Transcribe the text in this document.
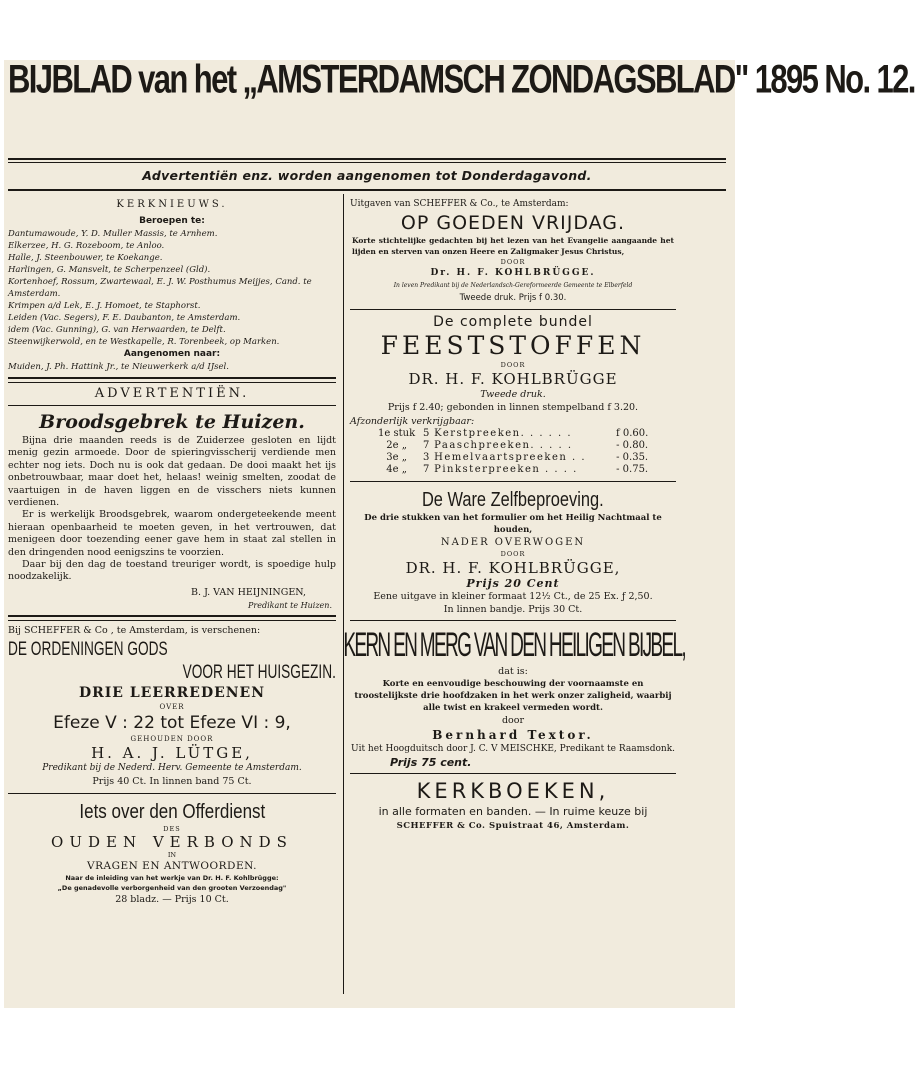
BIJBLAD van het „AMSTERDAMSCH ZONDAGSBLAD" 1895 No. 12.
Advertentiën enz. worden aangenomen tot Donderdagavond.
KERKNIEUWS.
Beroepen te:
Dantumawoude, Y. D. Muller Massis, te Arnhem.
Elkerzee, H. G. Rozeboom, te Anloo.
Halle, J. Steenbouwer, te Koekange.
Harlingen, G. Mansvelt, te Scherpenzeel (Gld).
Kortenhoef, Rossum, Zwartewaal, E. J. W. Posthumus Meijjes, Cand. te Amsterdam.
Krimpen a/d Lek, E. J. Homoet, te Staphorst.
Leiden (Vac. Segers), F. E. Daubanton, te Amsterdam.
idem (Vac. Gunning), G. van Herwaarden, te Delft.
Steenwijkerwold, en te Westkapelle, R. Torenbeek, op Marken.
Aangenomen naar:
Muiden, J. Ph. Hattink Jr., te Nieuwerkerk a/d IJsel.
ADVERTENTIËN.
Broodsgebrek te Huizen.
Bijna drie maanden reeds is de Zuiderzee gesloten en lijdt menig gezin armoede. Door de spieringvisscherij verdiende men echter nog iets. Doch nu is ook dat gedaan. De dooi maakt het ijs onbetrouwbaar, maar doet het, helaas! weinig smelten, zoodat de vaartuigen in de haven liggen en de visschers niets kunnen verdienen.
Er is werkelijk Broodsgebrek, waarom ondergeteekende meent hieraan openbaarheid te moeten geven, in het vertrouwen, dat menigeen door toezending eener gave hem in staat zal stellen in den dringenden nood eenigszins te voorzien.
Daar bij den dag de toestand treuriger wordt, is spoedige hulp noodzakelijk.
B. J. VAN HEIJNINGEN,
Predikant te Huizen.
Bij SCHEFFER & Co , te Amsterdam, is verschenen:
DE ORDENINGEN GODS
VOOR HET HUISGEZIN.
DRIE LEERREDENEN
OVER
Efeze V : 22 tot Efeze VI : 9,
GEHOUDEN DOOR
H. A. J. LÜTGE,
Predikant bij de Nederd. Herv. Gemeente te Amsterdam.
Prijs 40 Ct. In linnen band 75 Ct.
Iets over den Offerdienst
DES
OUDEN VERBONDS
IN
VRAGEN EN ANTWOORDEN.
Naar de inleiding van het werkje van Dr. H. F. Kohlbrügge:
„De genadevolle verborgenheid van den grooten Verzoendag"
28 bladz. — Prijs 10 Ct.
Uitgaven van SCHEFFER & Co., te Amsterdam:
OP GOEDEN VRIJDAG.
Korte stichtelijke gedachten bij het lezen van het Evangelie aangaande het lijden en sterven van onzen Heere en Zaligmaker Jesus Christus,
DOOR
Dr. H. F. KOHLBRÜGGE.
In leven Predikant bij de Nederlandsch-Gereformeerde Gemeente te Elberfeld
Tweede druk. Prijs f 0.30.
De complete bundel
FEESTSTOFFEN
DOOR
DR. H. F. KOHLBRÜGGE
Tweede druk.
Prijs f 2.40; gebonden in linnen stempelband f 3.20.
Afzonderlijk verkrijgbaar:
1e stuk	5	Kerstpreeken. . . . . .	f 0.60.
2e „	7	Paaschpreeken. . . . .	- 0.80.
3e „	3	Hemelvaartspreeken . .	- 0.35.
4e „	7	Pinksterpreeken . . . .	- 0.75.
De Ware Zelfbeproeving.
De drie stukken van het formulier om het Heilig Nachtmaal te houden,
NADER OVERWOGEN
DOOR
DR. H. F. KOHLBRÜGGE,
Prijs 20 Cent
Eene uitgave in kleiner formaat 12½ Ct., de 25 Ex. ƒ 2,50.
In linnen bandje. Prijs 30 Ct.
KERN EN MERG VAN DEN HEILIGEN BIJBEL,
dat is:
Korte en eenvoudige beschouwing der voornaamste en troostelijkste drie hoofdzaken in het werk onzer zaligheid, waarbij alle twist en krakeel vermeden wordt.
door
Bernhard Textor.
Uit het Hoogduitsch door J. C. V MEISCHKE, Predikant te Raamsdonk.
Prijs 75 cent.
KERKBOEKEN,
in alle formaten en banden. — In ruime keuze bij
SCHEFFER & Co. Spuistraat 46, Amsterdam.
